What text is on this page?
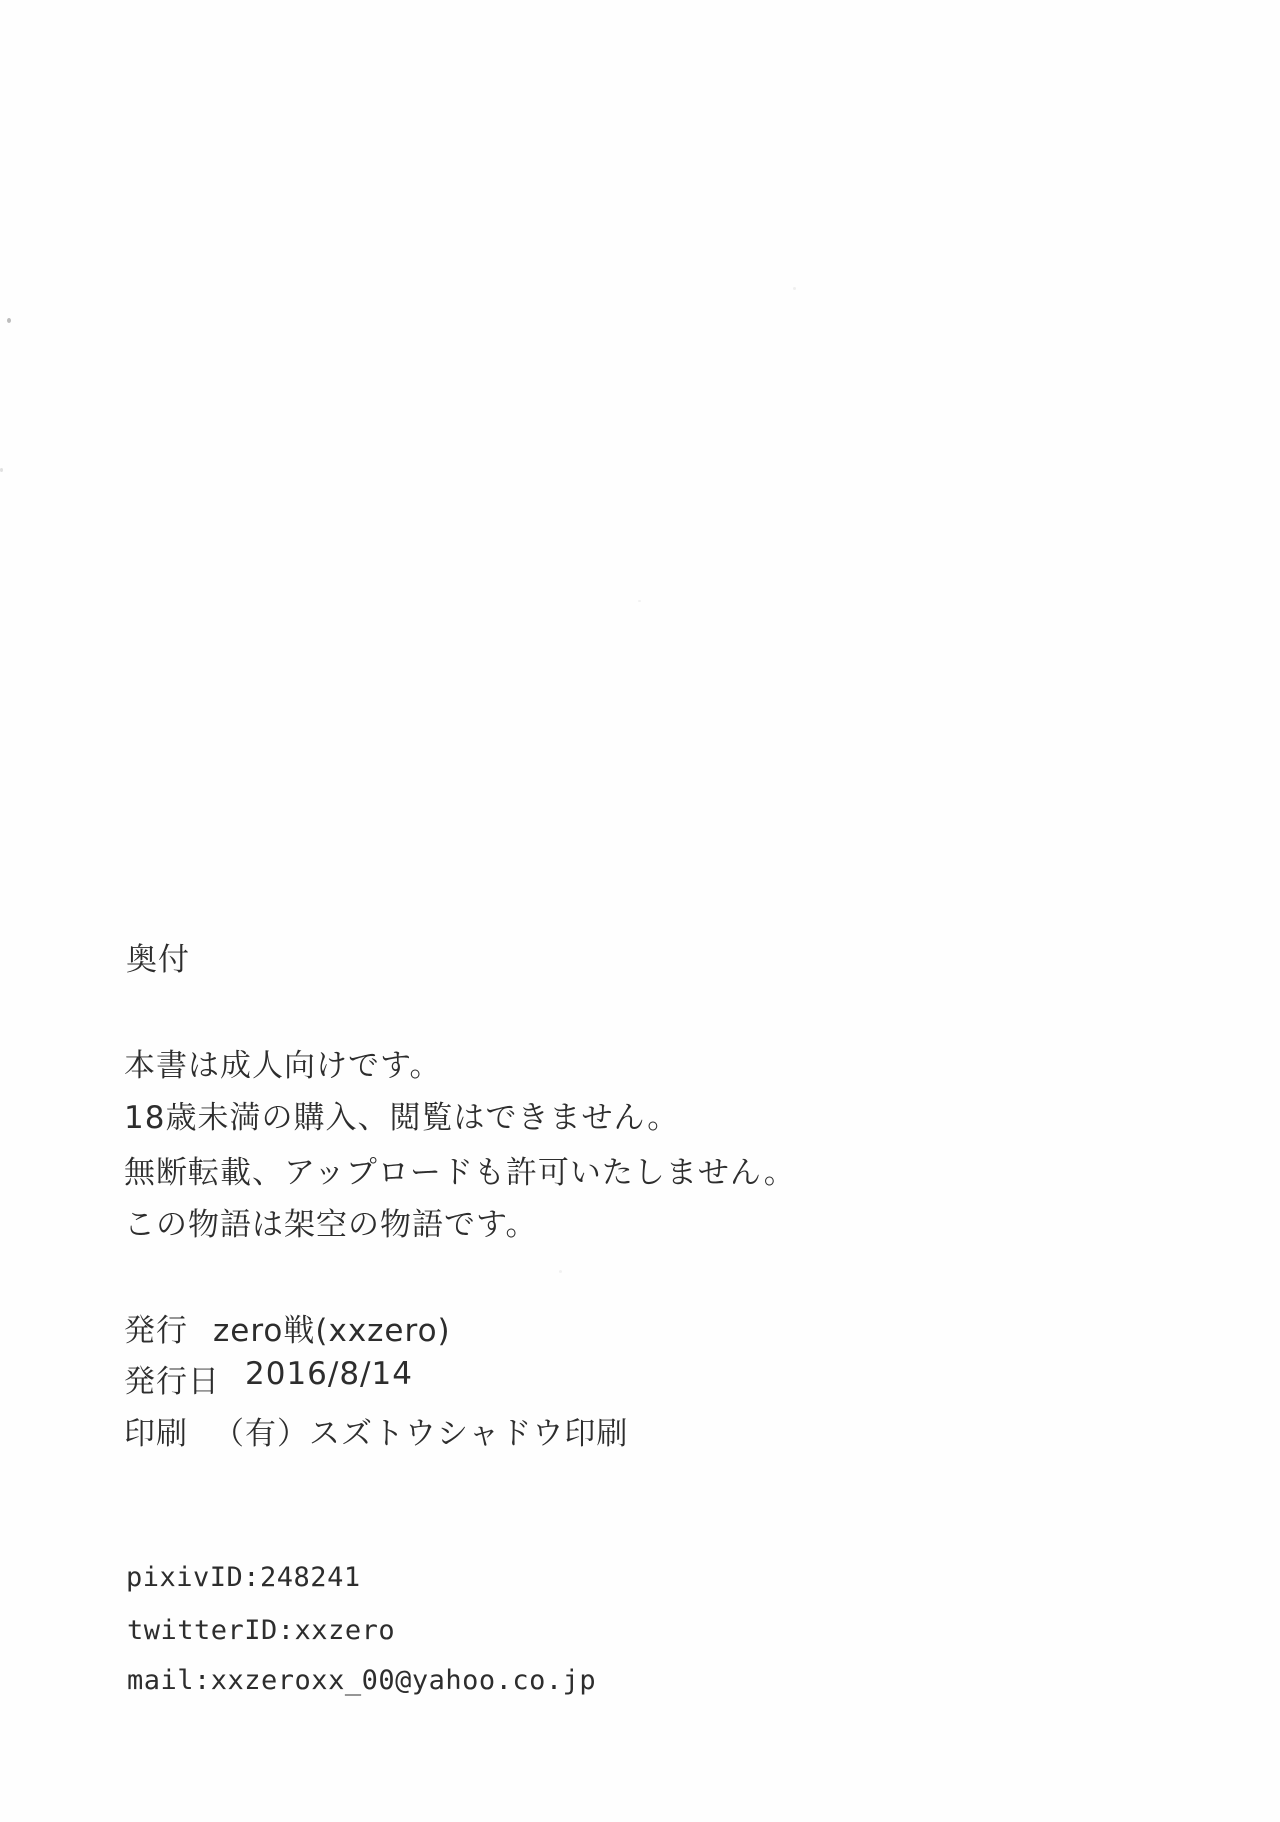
奥付
本書は成人向けです。
18歳未満の購入、閲覧はできません。
無断転載、アップロードも許可いたしません。
この物語は架空の物語です。
発行 zero戦(xxzero)
発行日 2016/8/14
印刷 （有）スズトウシャドウ印刷
pixivID:248241
twitterID:xxzero
mail:xxzeroxx_00@yahoo.co.jp
